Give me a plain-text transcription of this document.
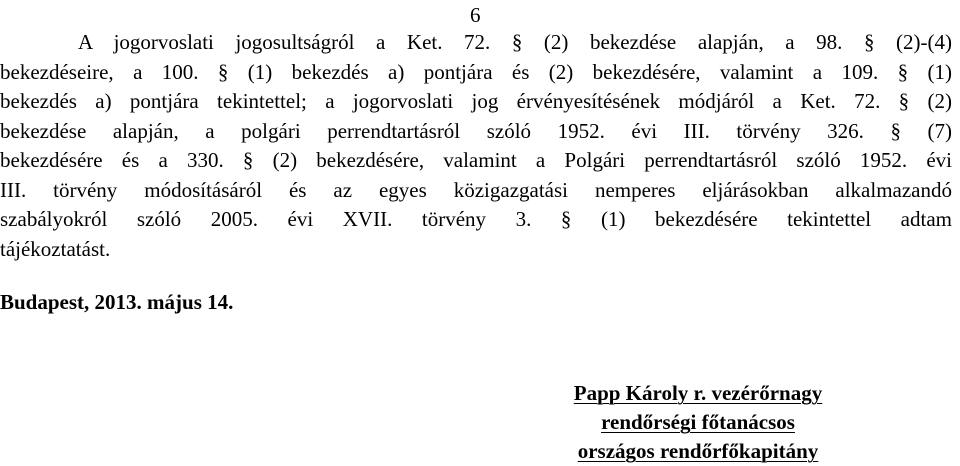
6
A jogorvoslati jogosultságról a Ket. 72. § (2) bekezdése alapján, a 98. § (2)-(4)
bekezdéseire, a 100. § (1) bekezdés a) pontjára és (2) bekezdésére, valamint a 109. § (1)
bekezdés a) pontjára tekintettel; a jogorvoslati jog érvényesítésének módjáról a Ket. 72. § (2)
bekezdése alapján, a polgári perrendtartásról szóló 1952. évi III. törvény 326. § (7)
bekezdésére és a 330. § (2) bekezdésére, valamint a Polgári perrendtartásról szóló 1952. évi
III. törvény módosításáról és az egyes közigazgatási nemperes eljárásokban alkalmazandó
szabályokról szóló 2005. évi XVII. törvény 3. § (1) bekezdésére tekintettel adtam
tájékoztatást.
Budapest, 2013. május 14.
Papp Károly r. vezérőrnagy
rendőrségi főtanácsos
országos rendőrfőkapitány
